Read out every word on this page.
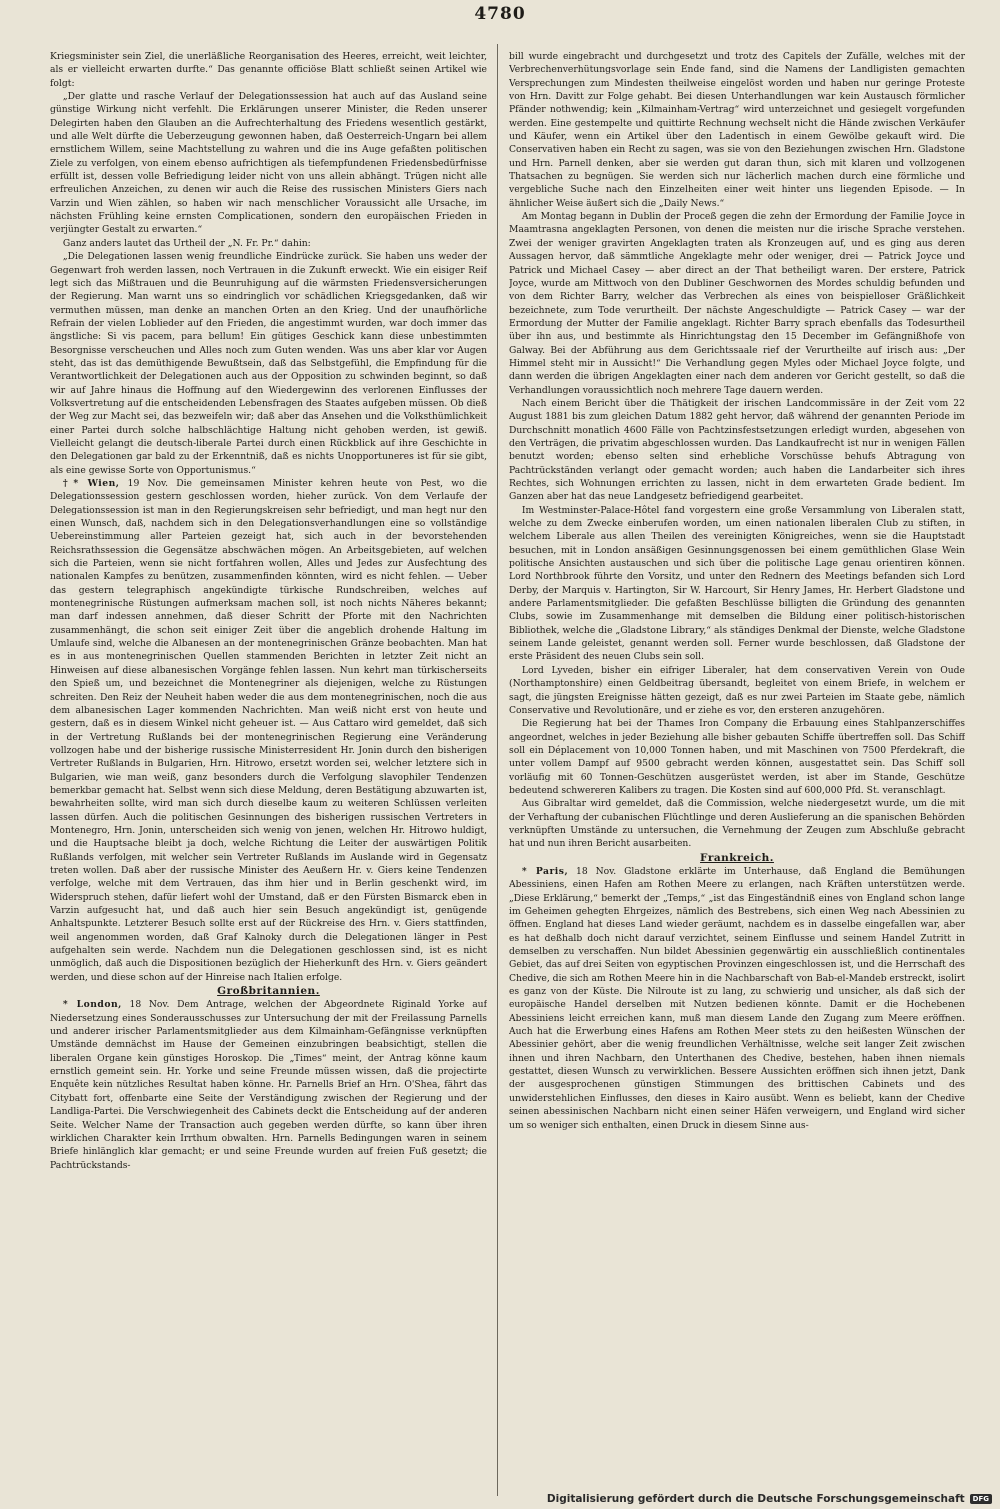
4780

Kriegsminister sein Ziel, die unerläßliche Reorganisation des Heeres, erreicht, weit leichter, als er vielleicht erwarten durfte.“ Das genannte officiöse Blatt schließt seinen Artikel wie folgt:

„Der glatte und rasche Verlauf der Delegationssession hat auch auf das Ausland seine günstige Wirkung nicht verfehlt. Die Erklärungen unserer Minister, die Reden unserer Delegirten haben den Glauben an die Aufrechterhaltung des Friedens wesentlich gestärkt, und alle Welt dürfte die Ueberzeugung gewonnen haben, daß Oesterreich-Ungarn bei allem ernstlichem Willem, seine Machtstellung zu wahren und die ins Auge gefaßten politischen Ziele zu verfolgen, von einem ebenso aufrichtigen als tiefempfundenen Friedensbedürfnisse erfüllt ist, dessen volle Befriedigung leider nicht von uns allein abhängt. Trügen nicht alle erfreulichen Anzeichen, zu denen wir auch die Reise des russischen Ministers Giers nach Varzin und Wien zählen, so haben wir nach menschlicher Voraussicht alle Ursache, im nächsten Frühling keine ernsten Complicationen, sondern den europäischen Frieden in verjüngter Gestalt zu erwarten.“

Ganz anders lautet das Urtheil der „N. Fr. Pr.“ dahin:

„Die Delegationen lassen wenig freundliche Eindrücke zurück. Sie haben uns weder der Gegenwart froh werden lassen, noch Vertrauen in die Zukunft erweckt. Wie ein eisiger Reif legt sich das Mißtrauen und die Beunruhigung auf die wärmsten Friedensversicherungen der Regierung. Man warnt uns so eindringlich vor schädlichen Kriegsgedanken, daß wir vermuthen müssen, man denke an manchen Orten an den Krieg. Und der unaufhörliche Refrain der vielen Loblieder auf den Frieden, die angestimmt wurden, war doch immer das ängstliche: Si vis pacem, para bellum! Ein gütiges Geschick kann diese unbestimmten Besorgnisse verscheuchen und Alles noch zum Guten wenden. Was uns aber klar vor Augen steht, das ist das demüthigende Bewußtsein, daß das Selbstgefühl, die Empfindung für die Verantwortlichkeit der Delegationen auch aus der Opposition zu schwinden beginnt, so daß wir auf Jahre hinaus die Hoffnung auf den Wiedergewinn des verlorenen Einflusses der Volksvertretung auf die entscheidenden Lebensfragen des Staates aufgeben müssen. Ob dieß der Weg zur Macht sei, das bezweifeln wir; daß aber das Ansehen und die Volksthümlichkeit einer Partei durch solche halbschlächtige Haltung nicht gehoben werden, ist gewiß. Vielleicht gelangt die deutsch-liberale Partei durch einen Rückblick auf ihre Geschichte in den Delegationen gar bald zu der Erkenntniß, daß es nichts Unopportuneres ist für sie gibt, als eine gewisse Sorte von Opportunismus.“

†* Wien, 19 Nov. Die gemeinsamen Minister kehren heute von Pest, wo die Delegationssession gestern geschlossen worden, hieher zurück. Von dem Verlaufe der Delegationssession ist man in den Regierungskreisen sehr befriedigt, und man hegt nur den einen Wunsch, daß, nachdem sich in den Delegationsverhandlungen eine so vollständige Uebereinstimmung aller Parteien gezeigt hat, sich auch in der bevorstehenden Reichsrathssession die Gegensätze abschwächen mögen. An Arbeitsgebieten, auf welchen sich die Parteien, wenn sie nicht fortfahren wollen, Alles und Jedes zur Ausfechtung des nationalen Kampfes zu benützen, zusammenfinden könnten, wird es nicht fehlen. — Ueber das gestern telegraphisch angekündigte türkische Rundschreiben, welches auf montenegrinische Rüstungen aufmerksam machen soll, ist noch nichts Näheres bekannt; man darf indessen annehmen, daß dieser Schritt der Pforte mit den Nachrichten zusammenhängt, die schon seit einiger Zeit über die angeblich drohende Haltung im Umlaufe sind, welche die Albanesen an der montenegrinischen Gränze beobachten. Man hat es in aus montenegrinischen Quellen stammenden Berichten in letzter Zeit nicht an Hinweisen auf diese albanesischen Vorgänge fehlen lassen. Nun kehrt man türkischerseits den Spieß um, und bezeichnet die Montenegriner als diejenigen, welche zu Rüstungen schreiten. Den Reiz der Neuheit haben weder die aus dem montenegrinischen, noch die aus dem albanesischen Lager kommenden Nachrichten. Man weiß nicht erst von heute und gestern, daß es in diesem Winkel nicht geheuer ist. — Aus Cattaro wird gemeldet, daß sich in der Vertretung Rußlands bei der montenegrinischen Regierung eine Veränderung vollzogen habe und der bisherige russische Ministerresident Hr. Jonin durch den bisherigen Vertreter Rußlands in Bulgarien, Hrn. Hitrowo, ersetzt worden sei, welcher letztere sich in Bulgarien, wie man weiß, ganz besonders durch die Verfolgung slavophiler Tendenzen bemerkbar gemacht hat. Selbst wenn sich diese Meldung, deren Bestätigung abzuwarten ist, bewahrheiten sollte, wird man sich durch dieselbe kaum zu weiteren Schlüssen verleiten lassen dürfen. Auch die politischen Gesinnungen des bisherigen russischen Vertreters in Montenegro, Hrn. Jonin, unterscheiden sich wenig von jenen, welchen Hr. Hitrowo huldigt, und die Hauptsache bleibt ja doch, welche Richtung die Leiter der auswärtigen Politik Rußlands verfolgen, mit welcher sein Vertreter Rußlands im Auslande wird in Gegensatz treten wollen. Daß aber der russische Minister des Aeußern Hr. v. Giers keine Tendenzen verfolge, welche mit dem Vertrauen, das ihm hier und in Berlin geschenkt wird, im Widerspruch stehen, dafür liefert wohl der Umstand, daß er den Fürsten Bismarck eben in Varzin aufgesucht hat, und daß auch hier sein Besuch angekündigt ist, genügende Anhaltspunkte. Letzterer Besuch sollte erst auf der Rückreise des Hrn. v. Giers stattfinden, weil angenommen worden, daß Graf Kalnoky durch die Delegationen länger in Pest aufgehalten sein werde. Nachdem nun die Delegationen geschlossen sind, ist es nicht unmöglich, daß auch die Dispositionen bezüglich der Hieherkunft des Hrn. v. Giers geändert werden, und diese schon auf der Hinreise nach Italien erfolge.

Großbritannien.

* London, 18 Nov. Dem Antrage, welchen der Abgeordnete Riginald Yorke auf Niedersetzung eines Sonderausschusses zur Untersuchung der mit der Freilassung Parnells und anderer irischer Parlamentsmitglieder aus dem Kilmainham-Gefängnisse verknüpften Umstände demnächst im Hause der Gemeinen einzubringen beabsichtigt, stellen die liberalen Organe kein günstiges Horoskop. Die „Times“ meint, der Antrag könne kaum ernstlich gemeint sein. Hr. Yorke und seine Freunde müssen wissen, daß die projectirte Enquête kein nützliches Resultat haben könne. Hr. Parnells Brief an Hrn. O'Shea, fährt das Citybatt fort, offenbarte eine Seite der Verständigung zwischen der Regierung und der Landliga-Partei. Die Verschwiegenheit des Cabinets deckt die Entscheidung auf der anderen Seite. Welcher Name der Transaction auch gegeben werden dürfte, so kann über ihren wirklichen Charakter kein Irrthum obwalten. Hrn. Parnells Bedingungen waren in seinem Briefe hinlänglich klar gemacht; er und seine Freunde wurden auf freien Fuß gesetzt; die Pachtrückstands-

bill wurde eingebracht und durchgesetzt und trotz des Capitels der Zufälle, welches mit der Verbrechenverhütungsvorlage sein Ende fand, sind die Namens der Landligisten gemachten Versprechungen zum Mindesten theilweise eingelöst worden und haben nur geringe Proteste von Hrn. Davitt zur Folge gehabt. Bei diesen Unterhandlungen war kein Austausch förmlicher Pfänder nothwendig; kein „Kilmainham-Vertrag“ wird unterzeichnet und gesiegelt vorgefunden werden. Eine gestempelte und quittirte Rechnung wechselt nicht die Hände zwischen Verkäufer und Käufer, wenn ein Artikel über den Ladentisch in einem Gewölbe gekauft wird. Die Conservativen haben ein Recht zu sagen, was sie von den Beziehungen zwischen Hrn. Gladstone und Hrn. Parnell denken, aber sie werden gut daran thun, sich mit klaren und vollzogenen Thatsachen zu begnügen. Sie werden sich nur lächerlich machen durch eine förmliche und vergebliche Suche nach den Einzelheiten einer weit hinter uns liegenden Episode. — In ähnlicher Weise äußert sich die „Daily News.“

Am Montag begann in Dublin der Proceß gegen die zehn der Ermordung der Familie Joyce in Maamtrasna angeklagten Personen, von denen die meisten nur die irische Sprache verstehen. Zwei der weniger gravirten Angeklagten traten als Kronzeugen auf, und es ging aus deren Aussagen hervor, daß sämmtliche Angeklagte mehr oder weniger, drei — Patrick Joyce und Patrick und Michael Casey — aber direct an der That betheiligt waren. Der erstere, Patrick Joyce, wurde am Mittwoch von den Dubliner Geschwornen des Mordes schuldig befunden und von dem Richter Barry, welcher das Verbrechen als eines von beispielloser Gräßlichkeit bezeichnete, zum Tode verurtheilt. Der nächste Angeschuldigte — Patrick Casey — war der Ermordung der Mutter der Familie angeklagt. Richter Barry sprach ebenfalls das Todesurtheil über ihn aus, und bestimmte als Hinrichtungstag den 15 December im Gefängnißhofe von Galway. Bei der Abführung aus dem Gerichtssaale rief der Verurtheilte auf irisch aus: „Der Himmel steht mir in Aussicht!“ Die Verhandlung gegen Myles oder Michael Joyce folgte, und dann werden die übrigen Angeklagten einer nach dem anderen vor Gericht gestellt, so daß die Verhandlungen voraussichtlich noch mehrere Tage dauern werden.

Nach einem Bericht über die Thätigkeit der irischen Landcommissäre in der Zeit vom 22 August 1881 bis zum gleichen Datum 1882 geht hervor, daß während der genannten Periode im Durchschnitt monatlich 4600 Fälle von Pachtzinsfestsetzungen erledigt wurden, abgesehen von den Verträgen, die privatim abgeschlossen wurden. Das Landkaufrecht ist nur in wenigen Fällen benutzt worden; ebenso selten sind erhebliche Vorschüsse behufs Abtragung von Pachtrückständen verlangt oder gemacht worden; auch haben die Landarbeiter sich ihres Rechtes, sich Wohnungen errichten zu lassen, nicht in dem erwarteten Grade bedient. Im Ganzen aber hat das neue Landgesetz befriedigend gearbeitet.

Im Westminster-Palace-Hôtel fand vorgestern eine große Versammlung von Liberalen statt, welche zu dem Zwecke einberufen worden, um einen nationalen liberalen Club zu stiften, in welchem Liberale aus allen Theilen des vereinigten Königreiches, wenn sie die Hauptstadt besuchen, mit in London ansäßigen Gesinnungsgenossen bei einem gemüthlichen Glase Wein politische Ansichten austauschen und sich über die politische Lage genau orientiren können. Lord Northbrook führte den Vorsitz, und unter den Rednern des Meetings befanden sich Lord Derby, der Marquis v. Hartington, Sir W. Harcourt, Sir Henry James, Hr. Herbert Gladstone und andere Parlamentsmitglieder. Die gefaßten Beschlüsse billigten die Gründung des genannten Clubs, sowie im Zusammenhange mit demselben die Bildung einer politisch-historischen Bibliothek, welche die „Gladstone Library,“ als ständiges Denkmal der Dienste, welche Gladstone seinem Lande geleistet, genannt werden soll. Ferner wurde beschlossen, daß Gladstone der erste Präsident des neuen Clubs sein soll.

Lord Lyveden, bisher ein eifriger Liberaler, hat dem conservativen Verein von Oude (Northamptonshire) einen Geldbeitrag übersandt, begleitet von einem Briefe, in welchem er sagt, die jüngsten Ereignisse hätten gezeigt, daß es nur zwei Parteien im Staate gebe, nämlich Conservative und Revolutionäre, und er ziehe es vor, den ersteren anzugehören.

Die Regierung hat bei der Thames Iron Company die Erbauung eines Stahlpanzerschiffes angeordnet, welches in jeder Beziehung alle bisher gebauten Schiffe übertreffen soll. Das Schiff soll ein Déplacement von 10,000 Tonnen haben, und mit Maschinen von 7500 Pferdekraft, die unter vollem Dampf auf 9500 gebracht werden können, ausgestattet sein. Das Schiff soll vorläufig mit 60 Tonnen-Geschützen ausgerüstet werden, ist aber im Stande, Geschütze bedeutend schwereren Kalibers zu tragen. Die Kosten sind auf 600,000 Pfd. St. veranschlagt.

Aus Gibraltar wird gemeldet, daß die Commission, welche niedergesetzt wurde, um die mit der Verhaftung der cubanischen Flüchtlinge und deren Auslieferung an die spanischen Behörden verknüpften Umstände zu untersuchen, die Vernehmung der Zeugen zum Abschluße gebracht hat und nun ihren Bericht ausarbeiten.

Frankreich.

* Paris, 18 Nov. Gladstone erklärte im Unterhause, daß England die Bemühungen Abessiniens, einen Hafen am Rothen Meere zu erlangen, nach Kräften unterstützen werde. „Diese Erklärung,“ bemerkt der „Temps,“ „ist das Eingeständniß eines von England schon lange im Geheimen gehegten Ehrgeizes, nämlich des Bestrebens, sich einen Weg nach Abessinien zu öffnen. England hat dieses Land wieder geräumt, nachdem es in dasselbe eingefallen war, aber es hat deßhalb doch nicht darauf verzichtet, seinem Einflusse und seinem Handel Zutritt in demselben zu verschaffen. Nun bildet Abessinien gegenwärtig ein ausschließlich continentales Gebiet, das auf drei Seiten von egyptischen Provinzen eingeschlossen ist, und die Herrschaft des Chedive, die sich am Rothen Meere hin in die Nachbarschaft von Bab-el-Mandeb erstreckt, isolirt es ganz von der Küste. Die Nilroute ist zu lang, zu schwierig und unsicher, als daß sich der europäische Handel derselben mit Nutzen bedienen könnte. Damit er die Hochebenen Abessiniens leicht erreichen kann, muß man diesem Lande den Zugang zum Meere eröffnen. Auch hat die Erwerbung eines Hafens am Rothen Meer stets zu den heißesten Wünschen der Abessinier gehört, aber die wenig freundlichen Verhältnisse, welche seit langer Zeit zwischen ihnen und ihren Nachbarn, den Unterthanen des Chedive, bestehen, haben ihnen niemals gestattet, diesen Wunsch zu verwirklichen. Bessere Aussichten eröffnen sich ihnen jetzt, Dank der ausgesprochenen günstigen Stimmungen des brittischen Cabinets und des unwiderstehlichen Einflusses, den dieses in Kairo ausübt. Wenn es beliebt, kann der Chedive seinen abessinischen Nachbarn nicht einen seiner Häfen verweigern, und England wird sicher um so weniger sich enthalten, einen Druck in diesem Sinne aus-

Digitalisierung gefördert durch die Deutsche Forschungsgemeinschaft	DFG
